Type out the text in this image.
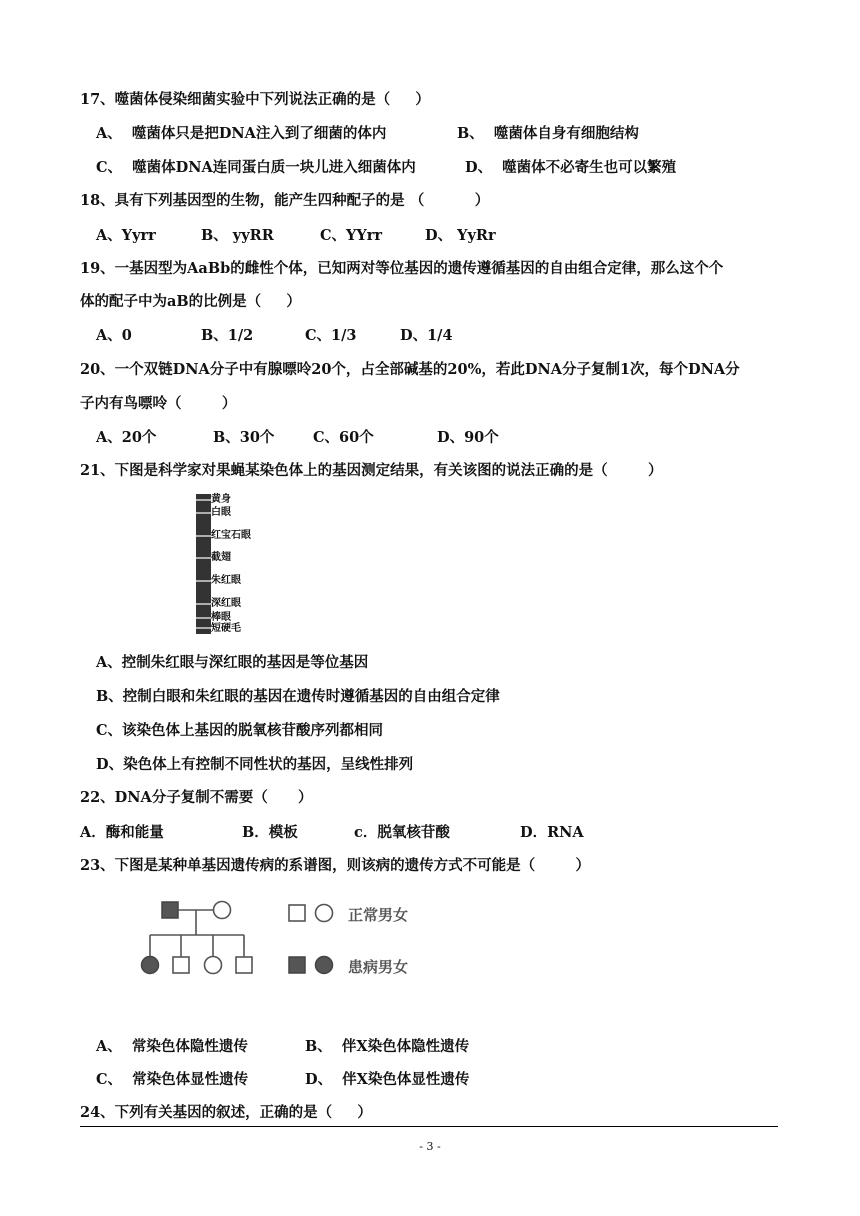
17、噬菌体侵染细菌实验中下列说法正确的是（     ）
A、  噬菌体只是把DNA注入到了细菌的体内	B、  噬菌体自身有细胞结构
C、  噬菌体DNA连同蛋白质一块儿进入细菌体内	D、  噬菌体不必寄生也可以繁殖
18、具有下列基因型的生物，能产生四种配子的是 （          ）
A、Yyrr	B、 yyRR	C、YYrr	D、 YyRr
19、一基因型为AaBb的雌性个体，已知两对等位基因的遗传遵循基因的自由组合定律，那么这个个
体的配子中为aB的比例是（     ）
A、0	B、1/2	C、1/3	D、1/4
20、一个双链DNA分子中有腺嘌呤20个，占全部碱基的20%，若此DNA分子复制1次，每个DNA分
子内有鸟嘌呤（        ）
A、20个	B、30个	C、60个	D、90个
21、下图是科学家对果蝇某染色体上的基因测定结果，有关该图的说法正确的是（        ）
黄身
白眼
红宝石眼
截翅
朱红眼
深红眼
棒眼
短硬毛
A、控制朱红眼与深红眼的基因是等位基因
B、控制白眼和朱红眼的基因在遗传时遵循基因的自由组合定律
C、该染色体上基因的脱氧核苷酸序列都相同
D、染色体上有控制不同性状的基因，呈线性排列
22、DNA分子复制不需要（      ）
A．酶和能量	B．模板	c．脱氧核苷酸	D．RNA
23、下图是某种单基因遗传病的系谱图，则该病的遗传方式不可能是（        ）
正常男女
患病男女
A、  常染色体隐性遗传	B、  伴X染色体隐性遗传
C、  常染色体显性遗传	D、  伴X染色体显性遗传
24、下列有关基因的叙述，正确的是（     ）
- 3 -
